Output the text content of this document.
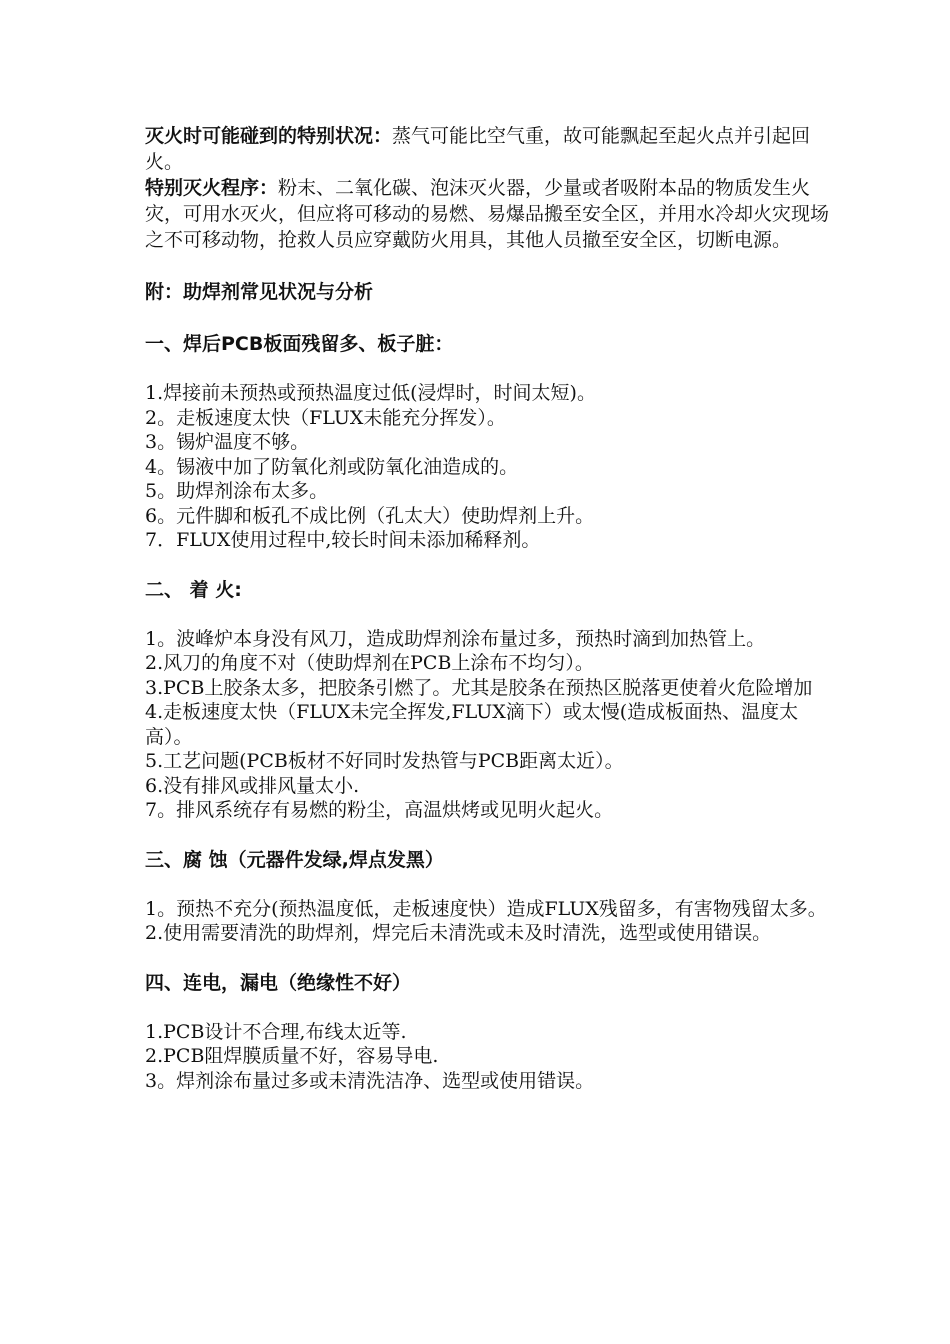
灭火时可能碰到的特别状况：蒸气可能比空气重，故可能飘起至起火点并引起回火。

特别灭火程序：粉末、二氧化碳、泡沫灭火器，少量或者吸附本品的物质发生火灾，可用水灭火，但应将可移动的易燃、易爆品搬至安全区，并用水冷却火灾现场之不可移动物，抢救人员应穿戴防火用具，其他人员撤至安全区，切断电源。

附：助焊剂常见状况与分析

一、焊后PCB板面残留多、板子脏：

1.焊接前未预热或预热温度过低(浸焊时，时间太短)。
2。走板速度太快（FLUX未能充分挥发）。
3。锡炉温度不够。
4。锡液中加了防氧化剂或防氧化油造成的。
5。助焊剂涂布太多。
6。元件脚和板孔不成比例（孔太大）使助焊剂上升。
7．FLUX使用过程中,较长时间未添加稀释剂。

二、 着 火:

1。波峰炉本身没有风刀，造成助焊剂涂布量过多，预热时滴到加热管上。
2.风刀的角度不对（使助焊剂在PCB上涂布不均匀）。
3.PCB上胶条太多，把胶条引燃了。尤其是胶条在预热区脱落更使着火危险增加
4.走板速度太快（FLUX未完全挥发,FLUX滴下）或太慢(造成板面热、温度太高）。
5.工艺问题(PCB板材不好同时发热管与PCB距离太近）。
6.没有排风或排风量太小.
7。排风系统存有易燃的粉尘，高温烘烤或见明火起火。

三、腐 蚀（元器件发绿,焊点发黑）

1。预热不充分(预热温度低，走板速度快）造成FLUX残留多，有害物残留太多。
2.使用需要清洗的助焊剂，焊完后未清洗或未及时清洗，选型或使用错误。

四、连电，漏电（绝缘性不好）

1.PCB设计不合理,布线太近等.
2.PCB阻焊膜质量不好，容易导电.
3。焊剂涂布量过多或未清洗洁净、选型或使用错误。
